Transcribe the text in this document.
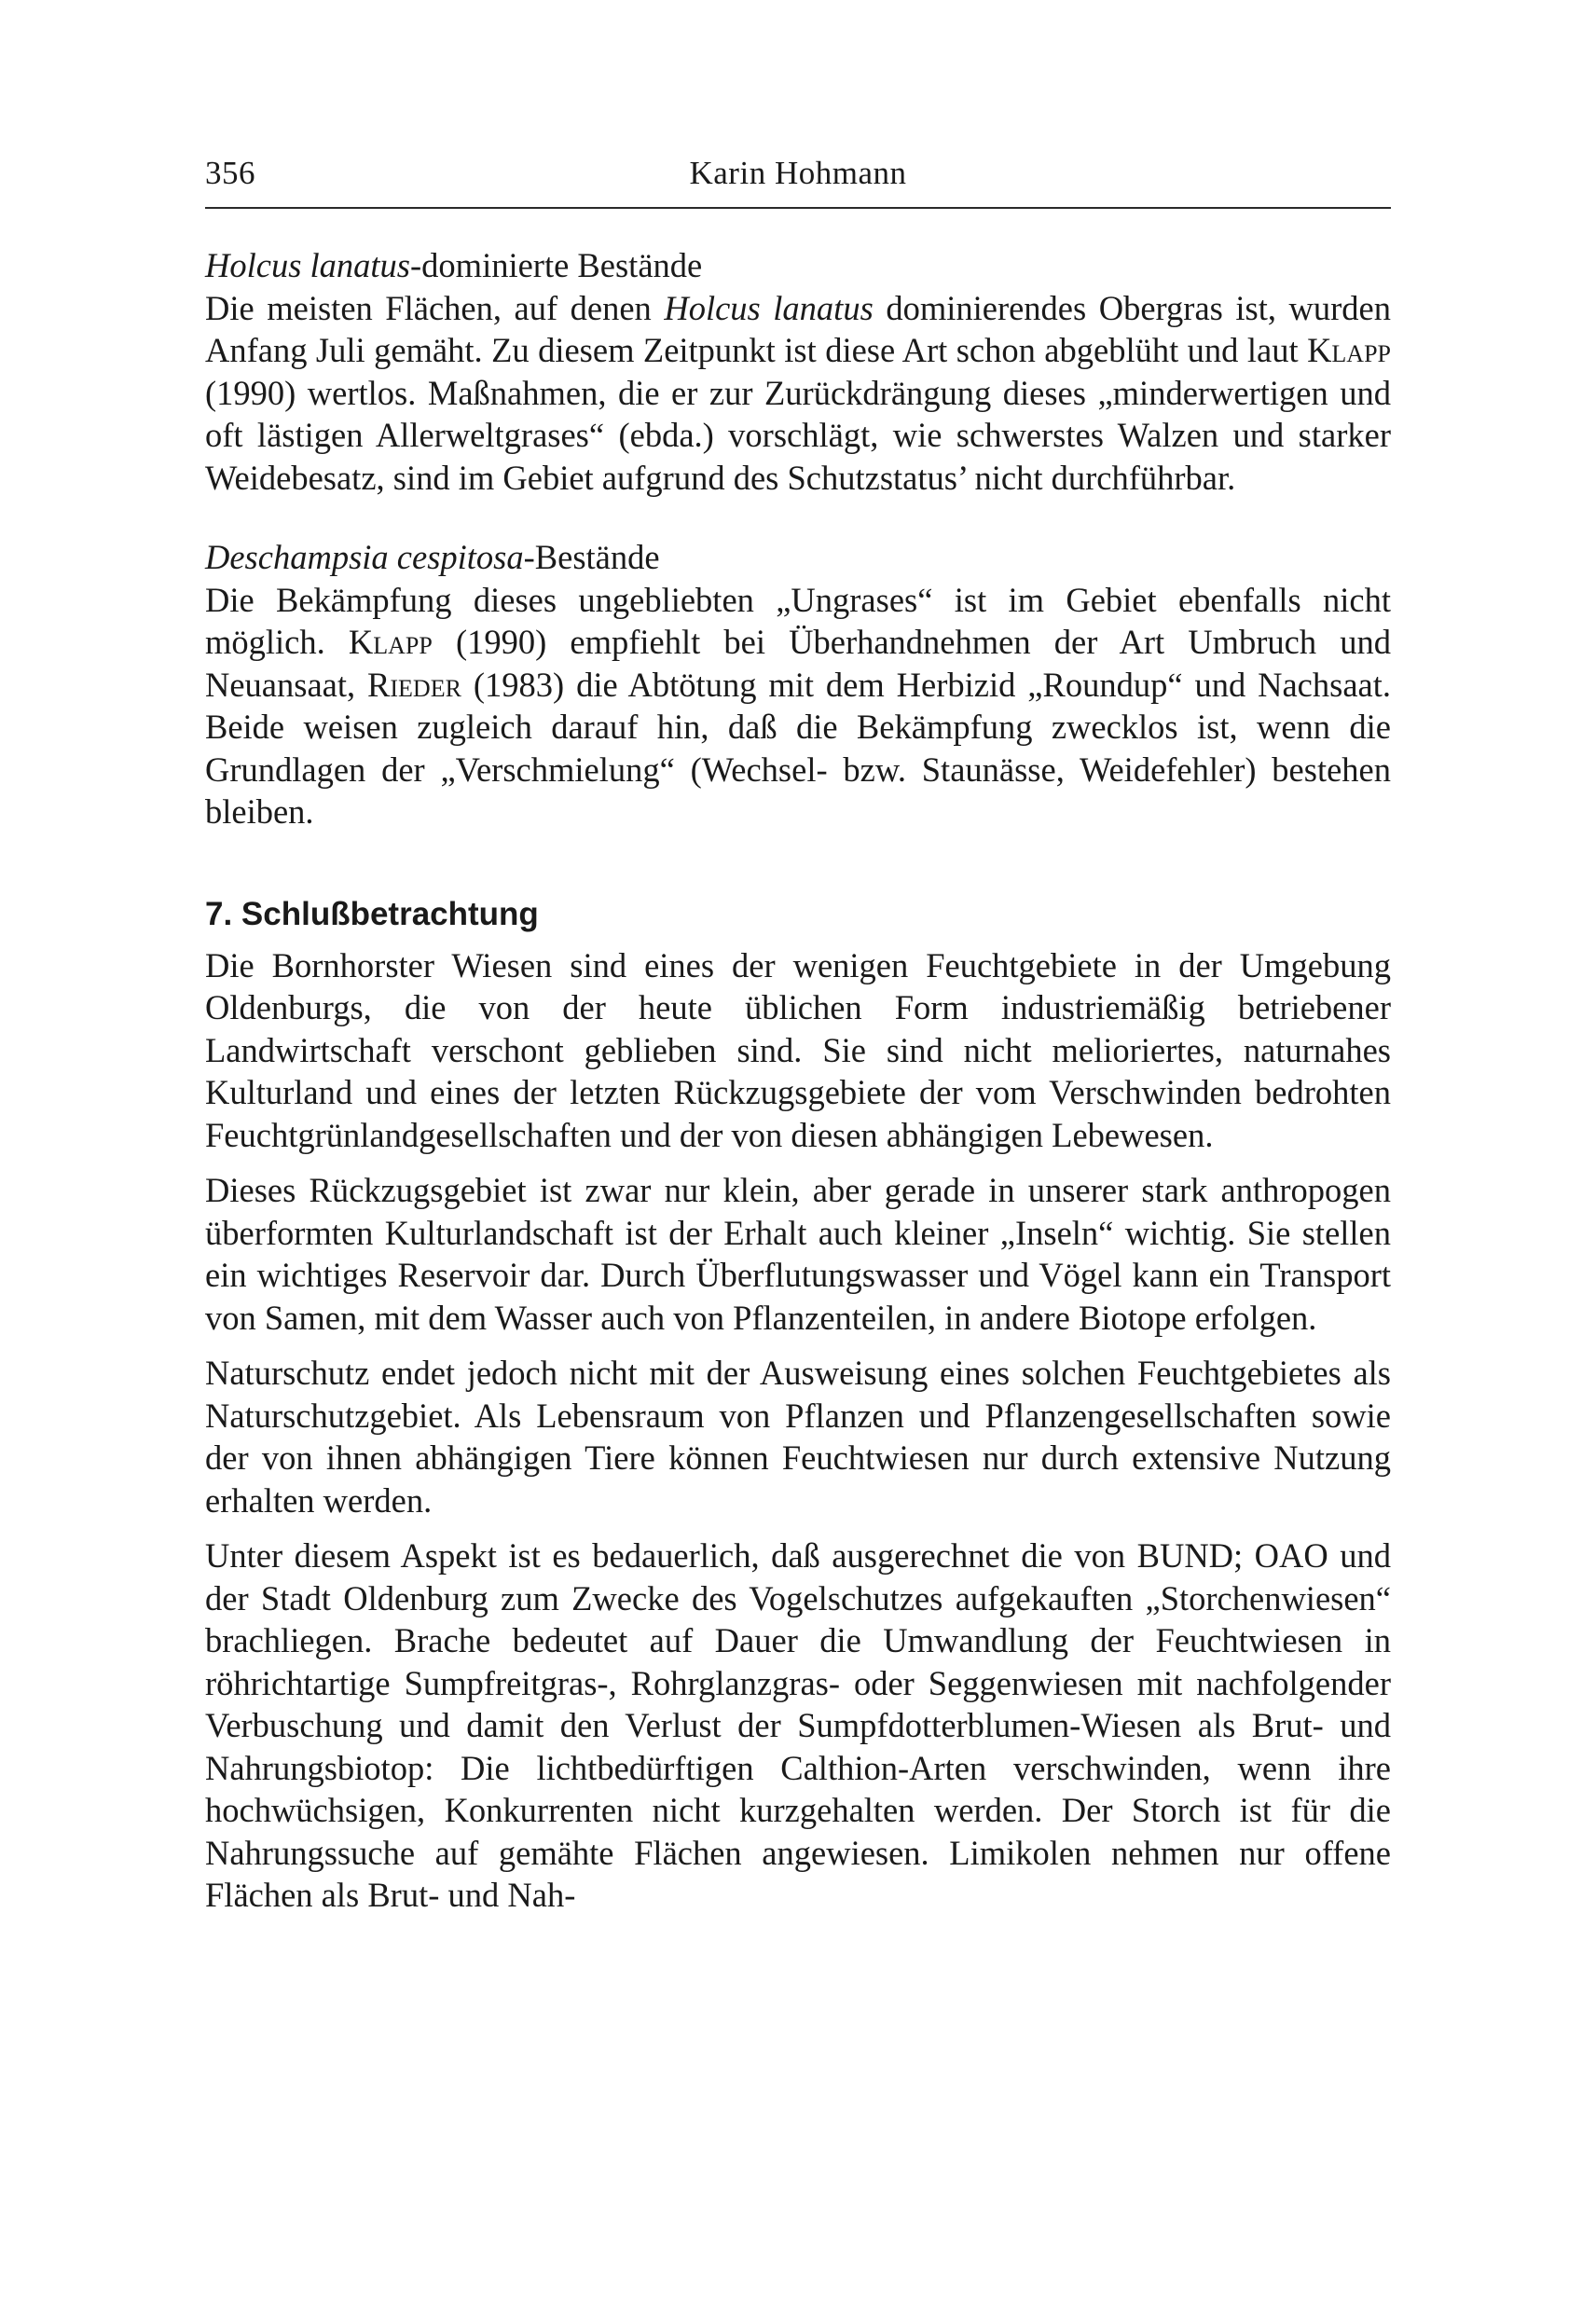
356	Karin Hohmann
Holcus lanatus-dominierte Bestände

Die meisten Flächen, auf denen Holcus lanatus dominierendes Obergras ist, wurden Anfang Juli gemäht. Zu diesem Zeitpunkt ist diese Art schon abgeblüht und laut Klapp (1990) wertlos. Maßnahmen, die er zur Zurückdrängung dieses „minderwertigen und oft lästigen Allerweltgrases“ (ebda.) vorschlägt, wie schwerstes Walzen und starker Weidebesatz, sind im Gebiet aufgrund des Schutzstatus’ nicht durchführbar.

Deschampsia cespitosa-Bestände

Die Bekämpfung dieses ungebliebten „Ungrases“ ist im Gebiet ebenfalls nicht möglich. Klapp (1990) empfiehlt bei Überhandnehmen der Art Umbruch und Neuansaat, Rieder (1983) die Abtötung mit dem Herbizid „Roundup“ und Nachsaat. Beide weisen zugleich darauf hin, daß die Bekämpfung zwecklos ist, wenn die Grundlagen der „Verschmielung“ (Wechsel- bzw. Staunässe, Weidefehler) bestehen bleiben.

7. Schlußbetrachtung

Die Bornhorster Wiesen sind eines der wenigen Feuchtgebiete in der Umgebung Oldenburgs, die von der heute üblichen Form industriemäßig betriebener Landwirtschaft verschont geblieben sind. Sie sind nicht melioriertes, naturnahes Kulturland und eines der letzten Rückzugsgebiete der vom Verschwinden bedrohten Feuchtgrünlandgesellschaften und der von diesen abhängigen Lebewesen.

Dieses Rückzugsgebiet ist zwar nur klein, aber gerade in unserer stark anthropogen überformten Kulturlandschaft ist der Erhalt auch kleiner „Inseln“ wichtig. Sie stellen ein wichtiges Reservoir dar. Durch Überflutungswasser und Vögel kann ein Transport von Samen, mit dem Wasser auch von Pflanzenteilen, in andere Biotope erfolgen.

Naturschutz endet jedoch nicht mit der Ausweisung eines solchen Feuchtgebietes als Naturschutzgebiet. Als Lebensraum von Pflanzen und Pflanzengesellschaften sowie der von ihnen abhängigen Tiere können Feuchtwiesen nur durch extensive Nutzung erhalten werden.

Unter diesem Aspekt ist es bedauerlich, daß ausgerechnet die von BUND; OAO und der Stadt Oldenburg zum Zwecke des Vogelschutzes aufgekauften „Storchenwiesen“ brachliegen. Brache bedeutet auf Dauer die Umwandlung der Feuchtwiesen in röhrichtartige Sumpfreitgras-, Rohrglanzgras- oder Seggenwiesen mit nachfolgender Verbuschung und damit den Verlust der Sumpfdotterblumen-Wiesen als Brut- und Nahrungsbiotop: Die lichtbedürftigen Calthion-Arten verschwinden, wenn ihre hochwüchsigen, Konkurrenten nicht kurzgehalten werden. Der Storch ist für die Nahrungssuche auf gemähte Flächen angewiesen. Limikolen nehmen nur offene Flächen als Brut- und Nah-
